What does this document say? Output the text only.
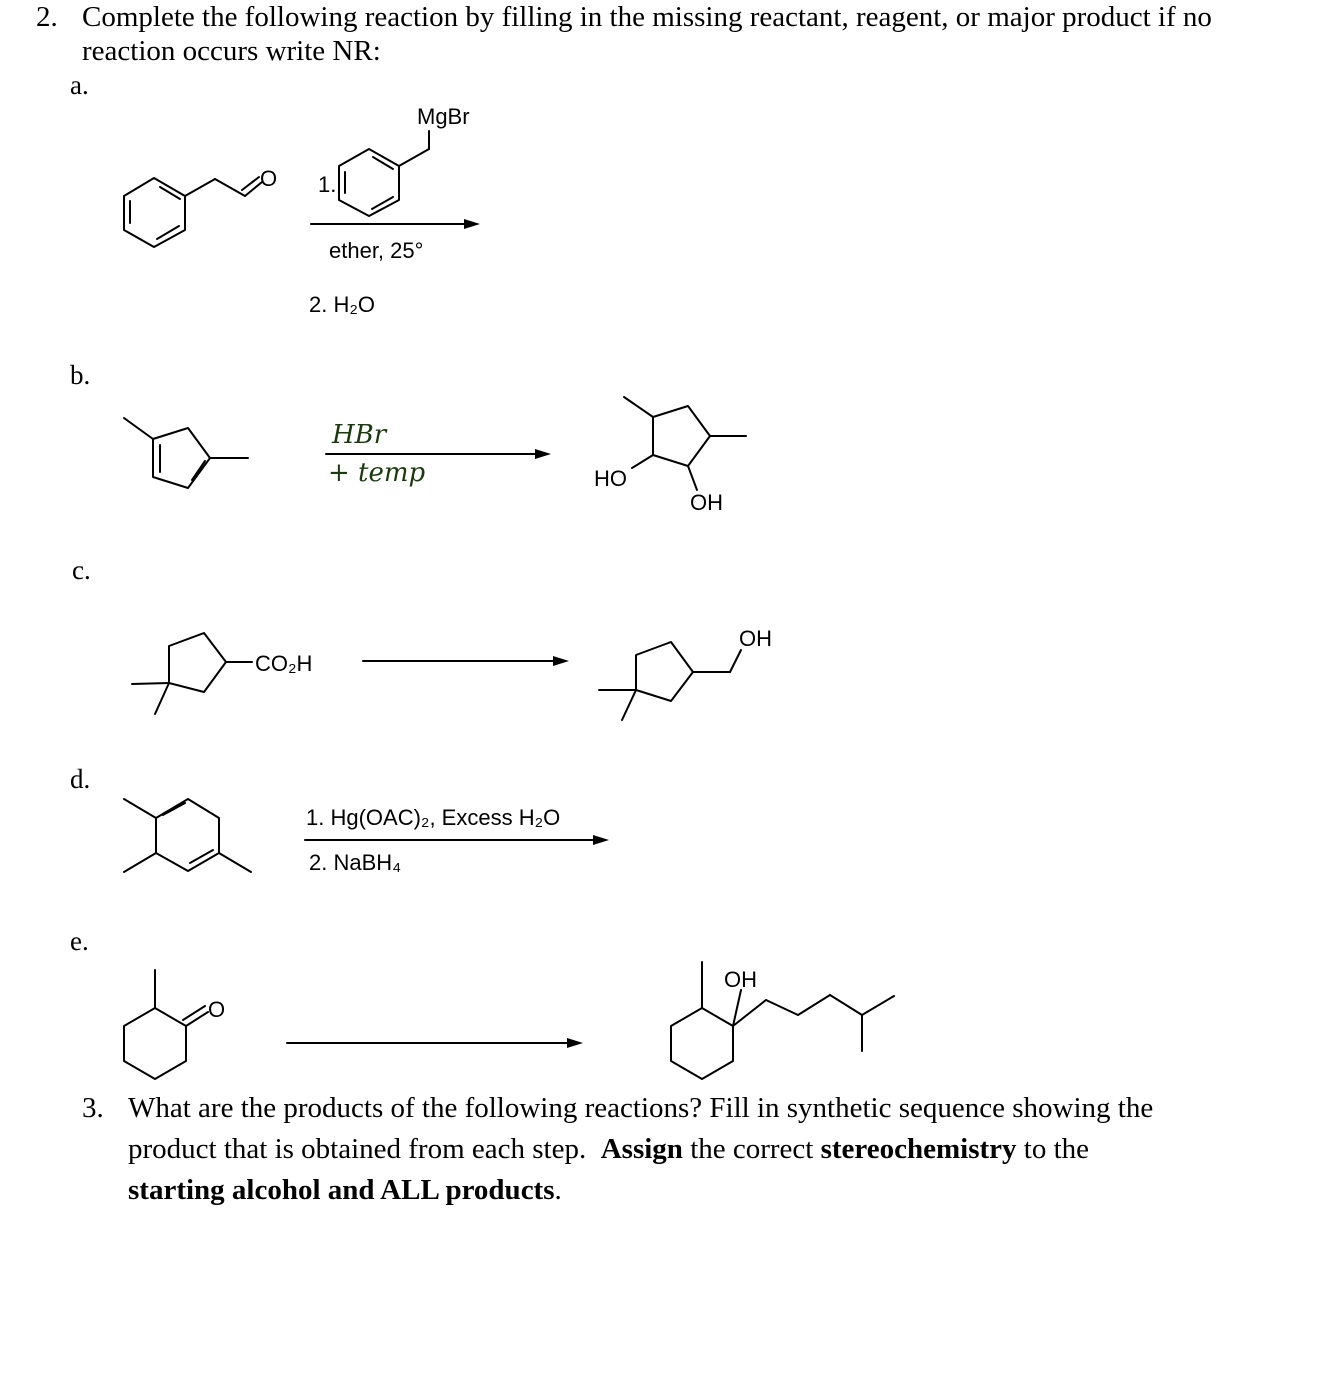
2. Complete the following reaction by filling in the missing reactant, reagent, or major product if no
reaction occurs write NR:
a.
b.
c.
d.
e.
MgBr
1.
ether, 25°
2. H₂O
O
HBr
+ temp	HO
OH
CO₂H
OH
1. Hg(OAC)₂, Excess H₂O
2. NaBH₄
O
OH
3. What are the products of the following reactions? Fill in synthetic sequence showing the
product that is obtained from each step.  Assign the correct stereochemistry to the
starting alcohol and ALL products.
